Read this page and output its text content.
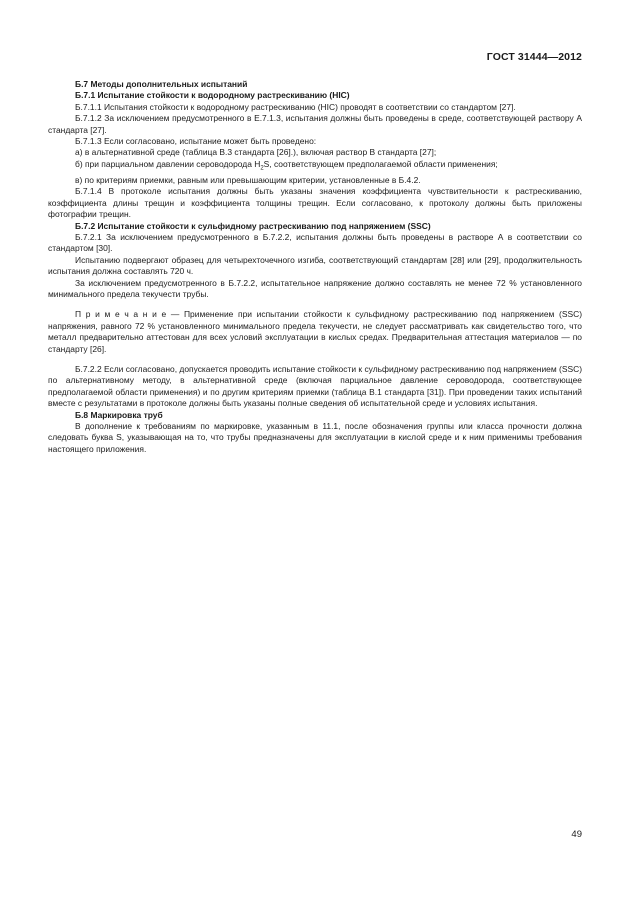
ГОСТ 31444—2012

Б.7 Методы дополнительных испытаний

Б.7.1 Испытание стойкости к водородному растрескиванию (HIC)

Б.7.1.1 Испытания стойкости к водородному растрескиванию (HIC) проводят в соответствии со стандартом [27].

Б.7.1.2 За исключением предусмотренного в Е.7.1.3, испытания должны быть проведены в среде, соответствующей раствору А стандарта [27].

Б.7.1.3 Если согласовано, испытание может быть проведено:

а) в альтернативной среде (таблица В.3 стандарта [26].), включая раствор В стандарта [27];

б) при парциальном давлении сероводорода $H_2S$, соответствующем предполагаемой области применения;

в) по критериям приемки, равным или превышающим критерии, установленные в Б.4.2.

Б.7.1.4 В протоколе испытания должны быть указаны значения коэффициента чувствительности к растрескиванию, коэффициента длины трещин и коэффициента толщины трещин. Если согласовано, к протоколу должны быть приложены фотографии трещин.

Б.7.2 Испытание стойкости к сульфидному растрескиванию под напряжением (SSC)

Б.7.2.1 За исключением предусмотренного в Б.7.2.2, испытания должны быть проведены в растворе А в соответствии со стандартом [30].

Испытанию подвергают образец для четырехточечного изгиба, соответствующий стандартам [28] или [29], продолжительность испытания должна составлять 720 ч.

За исключением предусмотренного в Б.7.2.2, испытательное напряжение должно составлять не менее 72 % установленного минимального предела текучести трубы.

П р и м е ч а н и е — Применение при испытании стойкости к сульфидному растрескиванию под напряжением (SSC) напряжения, равного 72 % установленного минимального предела текучести, не следует рассматривать как свидетельство того, что металл предварительно аттестован для всех условий эксплуатации в кислых средах. Предварительная аттестация материалов — по стандарту [26].

Б.7.2.2 Если согласовано, допускается проводить испытание стойкости к сульфидному растрескиванию под напряжением (SSC) по альтернативному методу, в альтернативной среде (включая парциальное давление сероводорода, соответствующее предполагаемой области применения) и по другим критериям приемки (таблица В.1 стандарта [31]). При проведении таких испытаний вместе с результатами в протоколе должны быть указаны полные сведения об испытательной среде и условиях испытания.

Б.8 Маркировка труб

В дополнение к требованиям по маркировке, указанным в 11.1, после обозначения группы или класса прочности должна следовать буква S, указывающая на то, что трубы предназначены для эксплуатации в кислой среде и к ним применимы требования настоящего приложения.

49
